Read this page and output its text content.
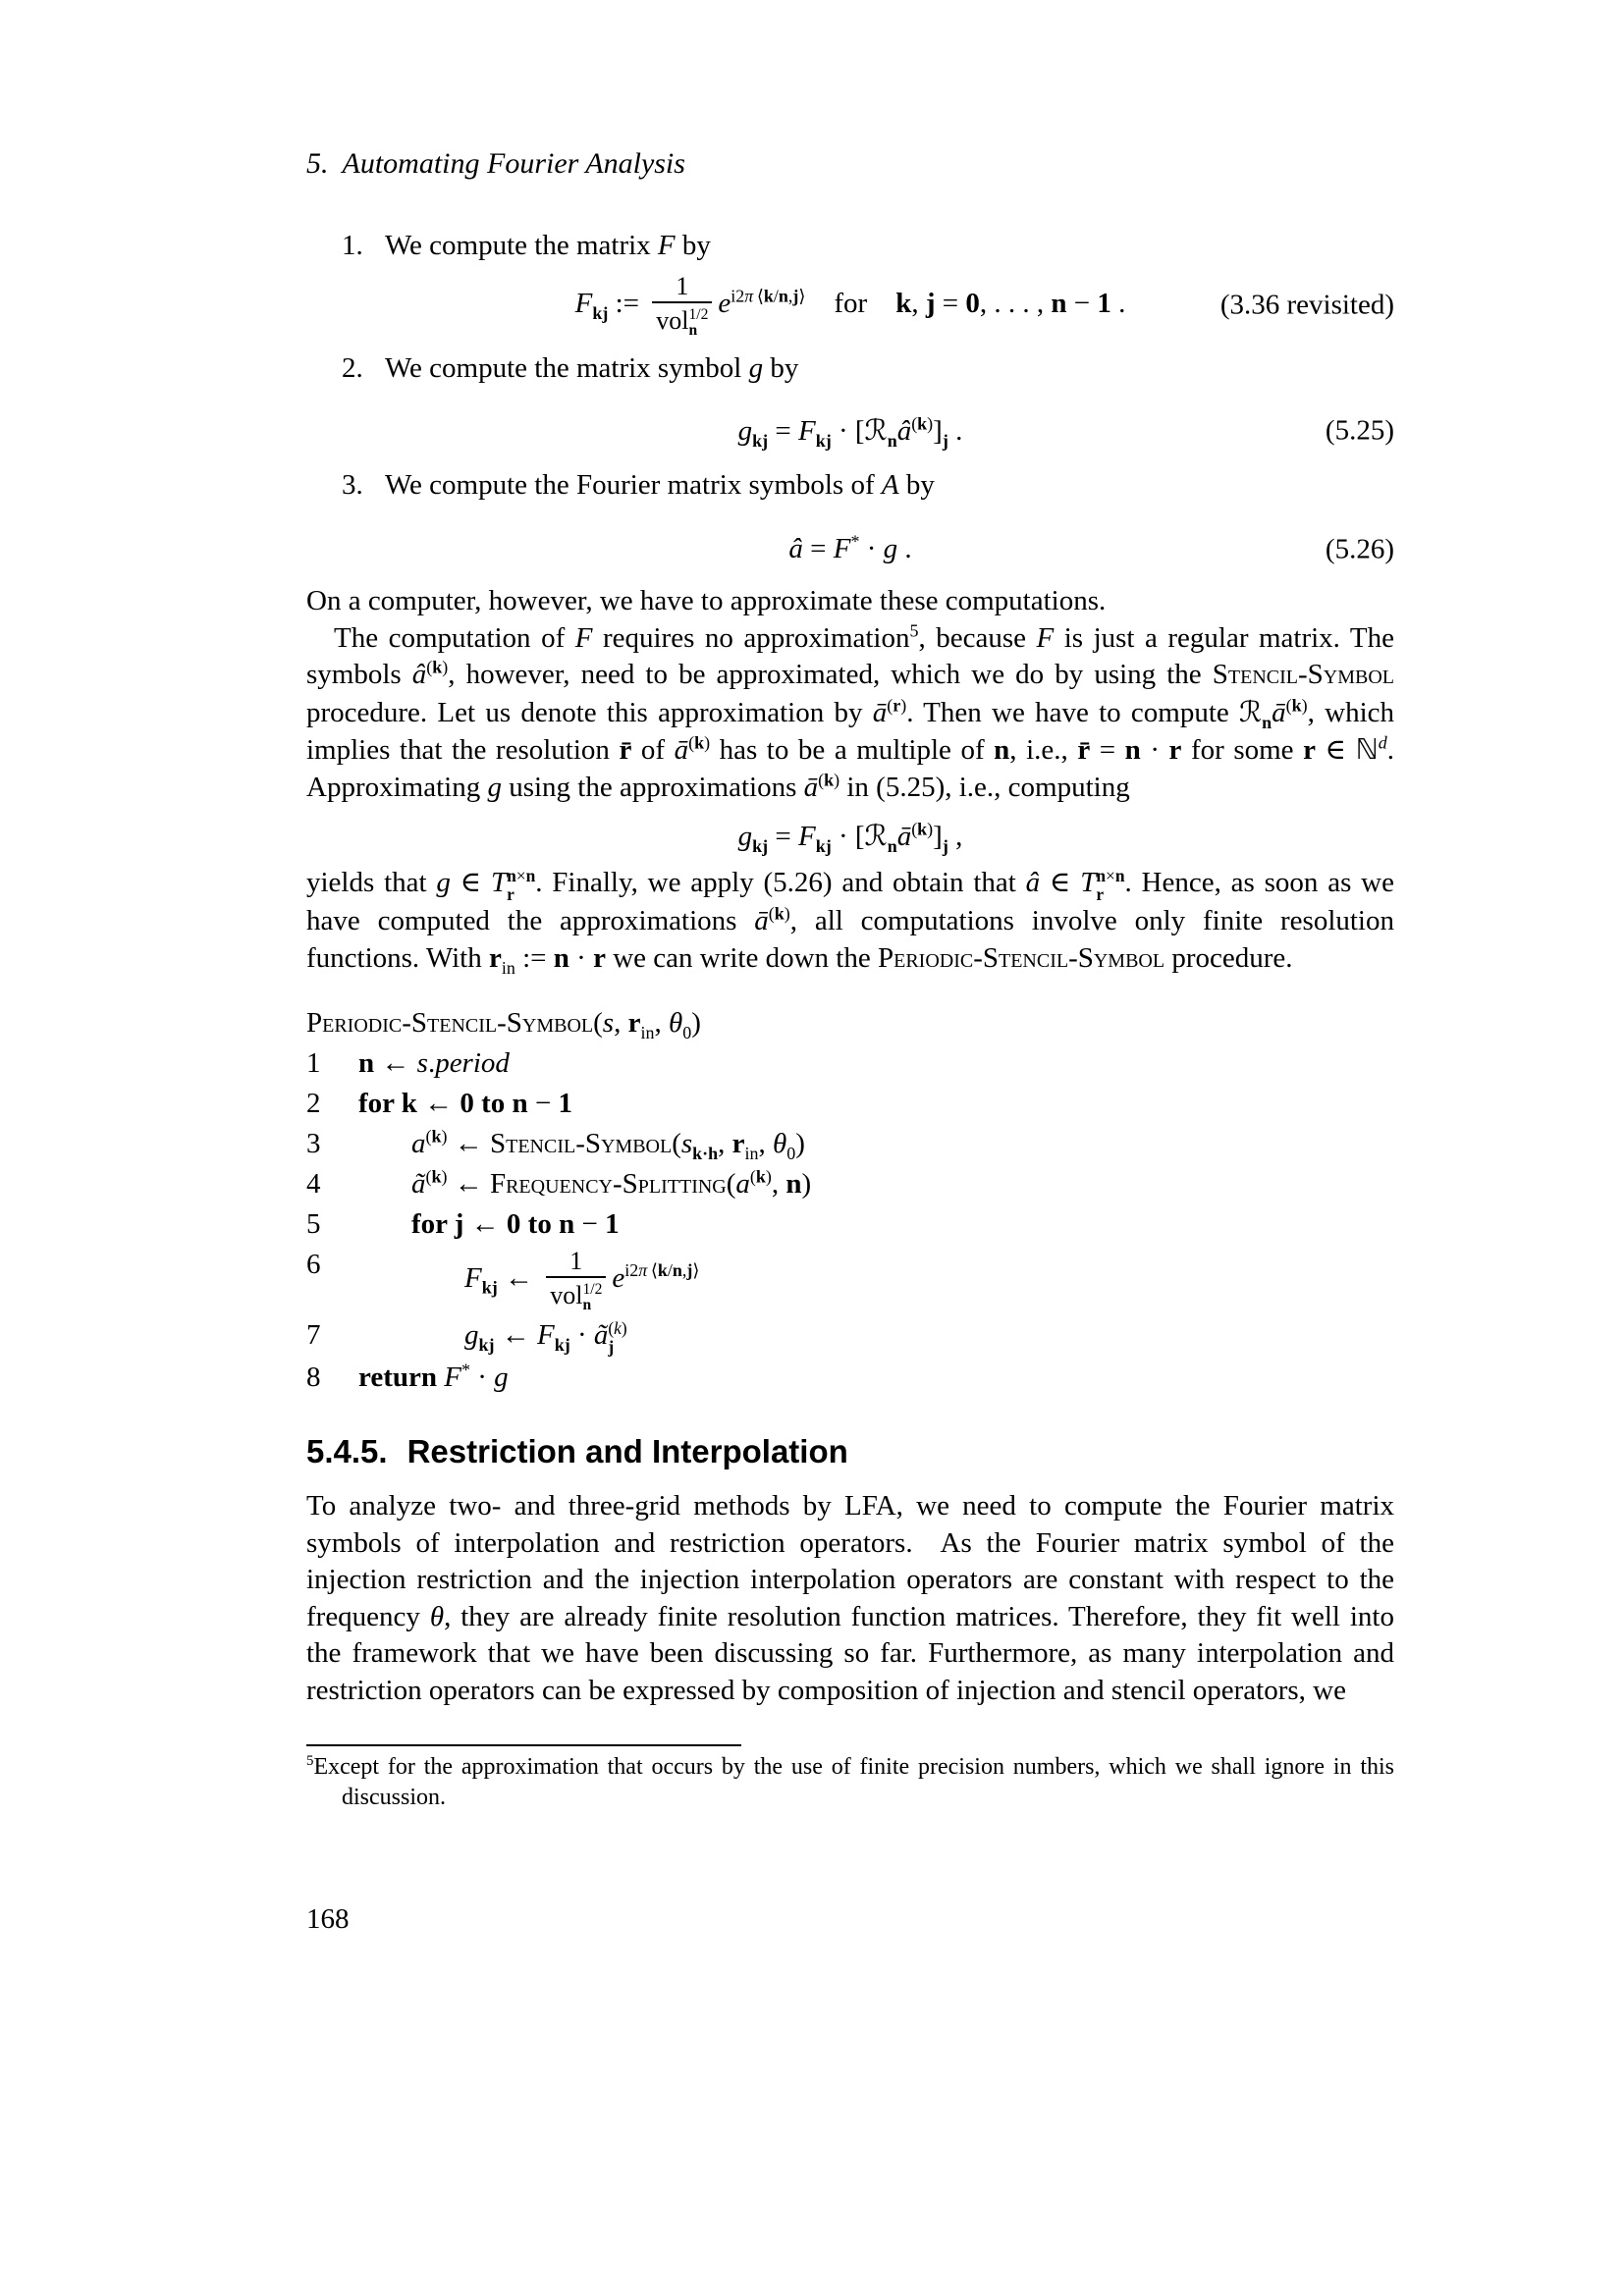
5. Automating Fourier Analysis
1. We compute the matrix F by
$F_{kj}$ := 1
vol 1/2
n $e^{i2\pi ⟨k/n,j⟩}$    for    k, j = 0, . . . , n − 1 .	(3.36 revisited)
2. We compute the matrix symbol g by
$g_{kj} = F_{kj}$ · $[ℛ_nâ^{(k)}]_j$ .	(5.25)
3. We compute the Fourier matrix symbols of A by
â = F* · g .	(5.26)
On a computer, however, we have to approximate these computations.
The computation of F requires no approximation$^5$, because F is just a regular matrix. The symbols $â^{(k)}$, however, need to be approximated, which we do by using the Stencil-Symbol procedure. Let us denote this approximation by $ā^{(r)}$. Then we have to compute $ℛ_nā^{(k)}$, which implies that the resolution r̄ of $ā^{(k)}$ has to be a multiple of n, i.e., r̄ = n · r for some r ∈ ℕ$^d$. Approximating g using the approximations $ā^{(k)}$ in (5.25), i.e., computing
$g_{kj} = F_{kj}$ · $[ℛ_nā^{(k)}]_j$ ,
yields that g ∈ T n×n
r . Finally, we apply (5.26) and obtain that â ∈ T n×n
r . Hence, as soon as we have computed the approximations $ā^{(k)}$, all computations involve only finite resolution functions. With $r_{in}$ := n · r we can write down the Periodic-Stencil-Symbol procedure.
Periodic-Stencil-Symbol(s, $r_{in}$, $\theta_0$)
1	n ← s.period
2	for k ← 0 to n − 1
3	$a^{(k)}$ ← Stencil-$Symbol(s_{k\cdot h}$, $r_{in}$, $\theta_0$)
4	$ã^{(k)}$ ← Frequency-$Splitting(a^{(k)}$, n)
5	for j ← 0 to n − 1
6	$F_{kj}$ ← 1
vol 1/2
n $e^{i2\pi ⟨k/n,j⟩}$
7	$g_{kj}$ ← $F_{kj}$ · ã (k)
j
8	return F* · g
5.4.5. Restriction and Interpolation
To analyze two- and three-grid methods by LFA, we need to compute the Fourier matrix symbols of interpolation and restriction operators.  As the Fourier matrix symbol of the injection restriction and the injection interpolation operators are constant with respect to the frequency θ, they are already finite resolution function matrices. Therefore, they fit well into the framework that we have been discussing so far. Furthermore, as many interpolation and restriction operators can be expressed by composition of injection and stencil operators, we
$^5$Except for the approximation that occurs by the use of finite precision numbers, which we shall ignore in this discussion.
168
